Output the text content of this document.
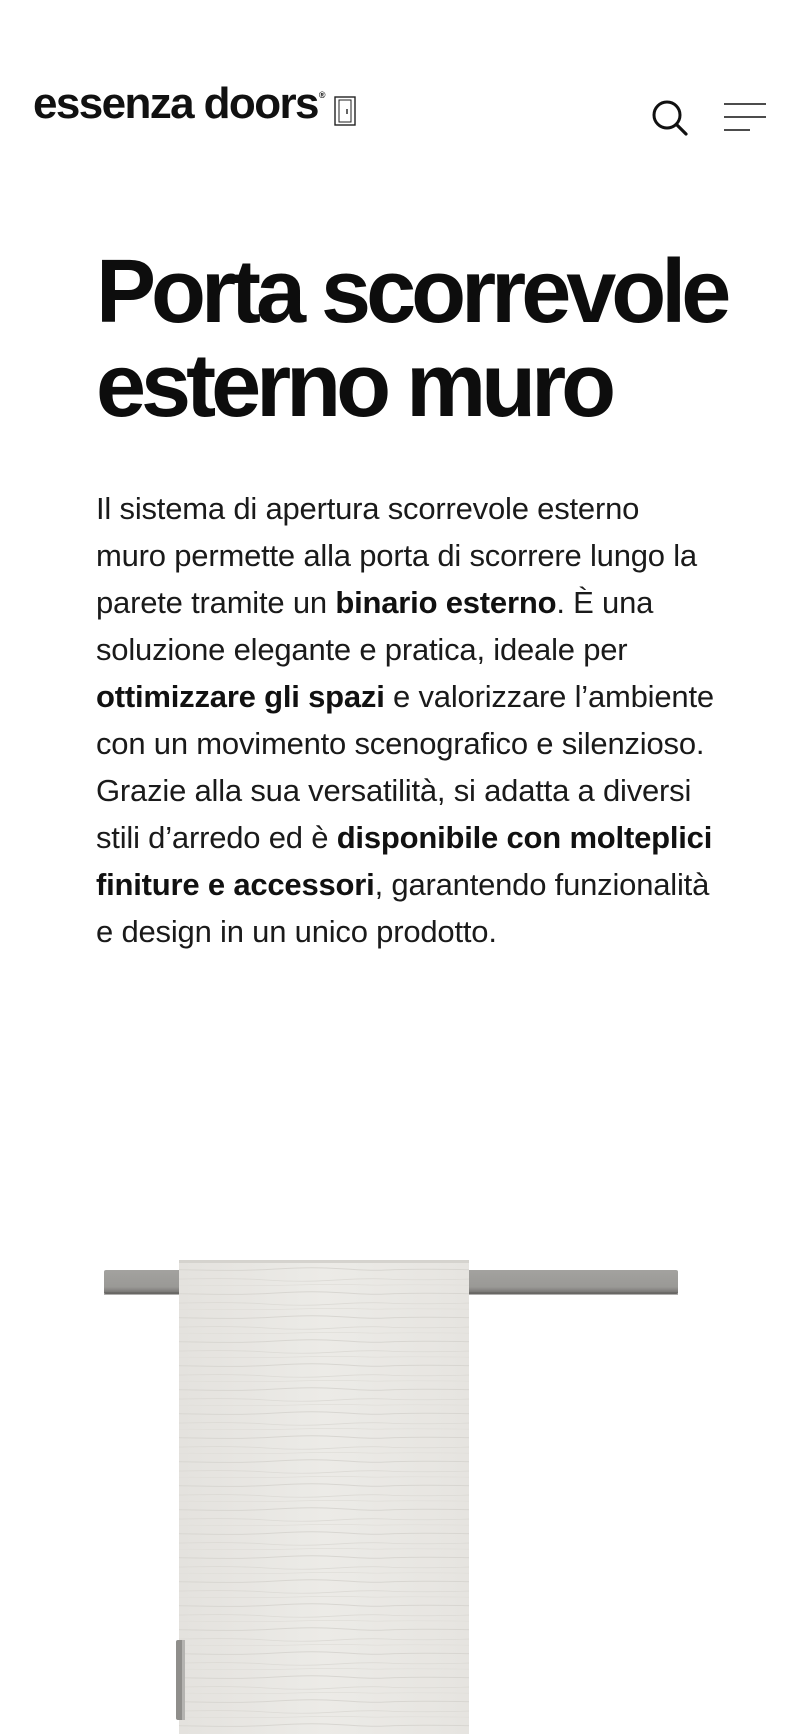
essenza doors ®
Porta scorrevole
esterno muro

Il sistema di apertura scorrevole esterno muro permette alla porta di scorrere lungo la parete tramite un binario esterno. È una soluzione elegante e pratica, ideale per ottimizzare gli spazi e valorizzare l’ambiente con un movimento scenografico e silenzioso. Grazie alla sua versatilità, si adatta a diversi stili d’arredo ed è disponibile con molteplici finiture e accessori, garantendo funzionalità e design in un unico prodotto.
